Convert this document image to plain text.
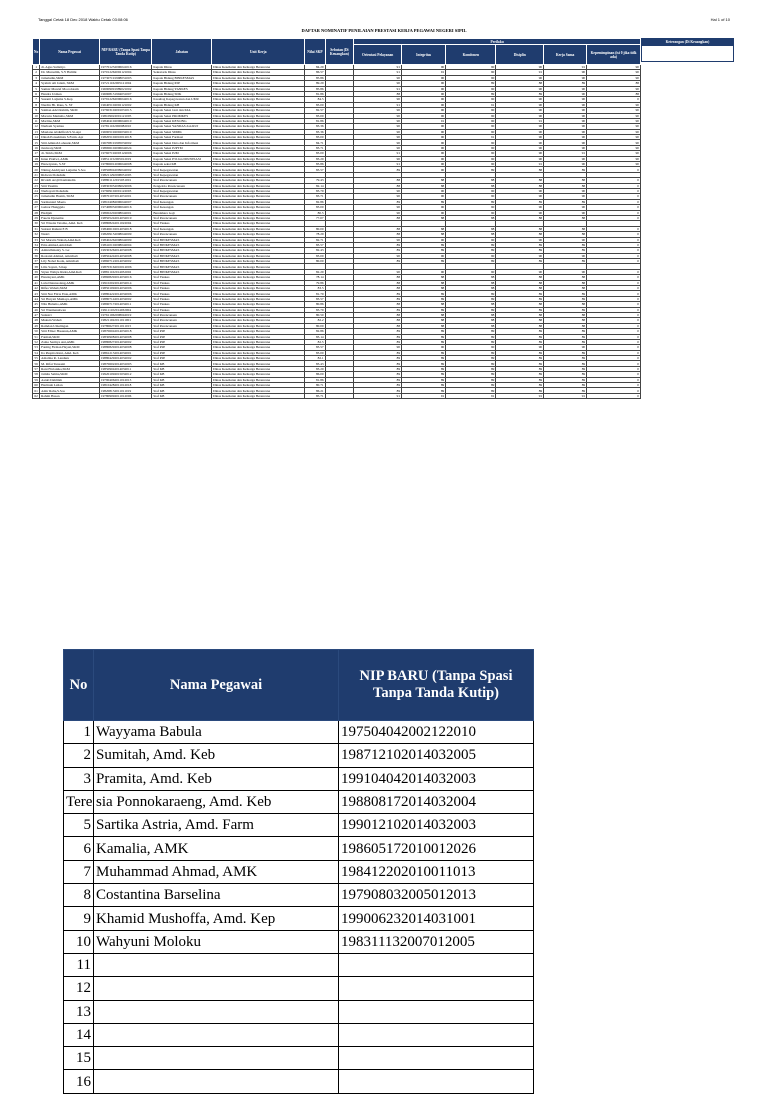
Tanggal Cetak 18 Dec 2018 Waktu Cetak 03:08:06	Hal 1 of 10
DAFTAR NOMINATIF PENILAIAN PRESTASI KERJA PEGAWAI NEGERI SIPIL
No	Nama Pegawai	NIP BARU (Tanpa Spasi Tanpa Tanda Kutip)	Jabatan	Unit Kerja	Nilai SKP	Sebutan (Di Keuangkan)	Perilaku					
							Orientasi Pelayanan	Integritas	Komitmen	Disiplin	Kerja Sama	Kepemimpinan (isi 0 jika tidk ada)
1	dr. Agus Sulistiyo	197701232006041016	Kepala Dinas	Dinas Kesehatan dan Keluarga Berencana	84.29		91	90	90	90	91	90
2	Dr. Mursalim, S.Y Halimi	197012262002121004	Sekretaris Dinas	Dinas Kesehatan dan Keluarga Berencana	86.57		91	91	90	91	90	90
3	Jamaludin,SKM	197307191998031003	Kepala Bidang BINKESMAS	Dinas Kesehatan dan Keluarga Berencana	85.86		90	90	90	90	90	90
4	Syahrir Ali Jalam, SKM	197211162005121004	Kepala Bidang P2P	Dinas Kesehatan dan Keluarga Berencana	89.29		90	90	89	88	89	88
5	Samsir Marzuf Mocodotam	196909091989021002	Kepala Bidang YANKES	Dinas Kesehatan dan Keluarga Berencana	85.86		91	90	90	90	90	90
6	Hendra Usman	196908131994031007	Kepala Bidang SDK	Dinas Kesehatan dan Keluarga Berencana	81.86		88	90	89	89	90	88
7	Susanti Latjuma S.Kep	197912262006042016	Kasubag Kepegawaian dan UMU	Dinas Kesehatan dan Keluarga Berencana	84.5		90	90	90	90	90	0
8	Nurdin Hi. Raus, S. ST	196405102002121002	Kepala Bidang KB	Dinas Kesehatan dan Keluarga Berencana	83.00		91	90	91	90	90	90
9	Salman Adzi Rahim, SKM	197603102001031015	Kepala Seksi Gizi dan KIA	Dinas Kesehatan dan Keluarga Berencana	82.57		90	90	90	90	90	90
10	Marwin Mamalio,SKM	198109022001121005	Kepala Seksi PROMKES	Dinas Kesehatan dan Keluarga Berencana	83.00		90	90	90	90	90	90
11	Marlina,SKM	198404102006042010	Kepala Seksi KESLING	Dinas Kesehatan dan Keluarga Berencana	81.86		90	91	90	91	90	90
12	Nurhani Syamsu	197811162000082010	Kepala Seksi YANDAS dan RUJ	Dinas Kesehatan dan Keluarga Berencana	83.36		90	90	90	90	90	90
13	Maulana Abdulfirah S.St.Apt	196905192002032010	Kepala Seksi SDMK	Dinas Kesehatan dan Keluarga Berencana	83.36		90	90	90	90	90	90
14	Dinah Ponselmuts S.Farm. Apt	198205102010012018	Kepala Seksi Farmasi	Dinas Kesehatan dan Keluarga Berencana	83.00		90	90	91	90	90	90
15	Sitti Aminah Lahaude,SKM	196708191995032002	Kepala Seksi Data dan Informasi	Dinas Kesehatan dan Keluarga Berencana	84.71		90	90	90	90	90	90
16	Juniwaty,SKM	198006102006042024	Kepala Seksi P2PTM	Dinas Kesehatan dan Keluarga Berencana	83.71		90	90	90	90	90	90
17	dr. Sitiris,SKM	197607192003122006	Kepala Seksi P2M	Dinas Kesehatan dan Keluarga Berencana	83.00		91	90	90	90	91	90
18	Intan Pratiwi, AMK	198511152005012019	Kepala Seksi P3I dan IMUNISASI	Dinas Kesehatan dan Keluarga Berencana	83.29		90	90	90	90	90	90
19	Haswiyanto, S.ST	197806012006042008	Kepala seksi KB	Dinas Kesehatan dan Keluarga Berencana	83.86		91	90	90	91	90	90
20	Nining Andriyani Latjuma S.Sos	198508042009042002	Staf Kepegawaian	Dinas Kesehatan dan Keluarga Berencana	83.57		89	90	89	88	89	0
21	Ridwan Doludulu	198211292008031005	Staf Kepegawaian	Dinas Kesehatan dan Keluarga Berencana								
22	Rivaldi Arsjil Kamaludin	198801112015031001	Staf Perencanaan	Dinas Kesehatan dan Keluarga Berencana	79.43		88	88	88	88	88	0
23	Sitti Yasmin	198303052009022006	Pengelola Perencanaan	Dinas Kesehatan dan Keluarga Berencana	82.14		88	88	88	88	88	0
24	Nurhayati Doludulu	197609102001122003	Staf Kepegawaian	Dinas Kesehatan dan Keluarga Berencana	83.79		90	90	90	90	90	0
25	Jamaludin Hasim, SKM	198701072014031001	Staf Perencanaan	Dinas Kesehatan dan Keluarga Berencana	83.71		90	90	90	90	90	0
26	Sarmuntari Maeta	198104082006042007	Staf Keuangan	Dinas Kesehatan dan Keluarga Berencana	82.86		89	89	89	89	89	0
27	Gulnar Hunggulo	197408032006042016	Staf Keuangan	Dinas Kesehatan dan Keluarga Berencana	83.00		90	90	90	90	90	0
28	Hadijah	198002202008042001	Bendahara Gaji	Dinas Kesehatan dan Keluarga Berencana	80.5		90	90	90	90	90	0
29	Fauzia Djanamu	198505242014032019	Staf Perencanaan	Dinas Kesehatan dan Keluarga Berencana	77.07		88	88	88	88	88	0
30	Sri Wiastia Tatama, Amd. Keb	198808242011022004	Staf Yankes	Dinas Kesehatan dan Keluarga Berencana								
31	Sutrani Rahuni E B	198406102014032018	Staf Keuangan	Dinas Kesehatan dan Keluarga Berencana	80.00		88	88	88	88	88	0
32	Nestri	198209152008042009	Staf Perencanaan	Dinas Kesehatan dan Keluarga Berencana	78.29		88	88	88	88	88	0
33	Sri Marsita Wahab,Amd.Keb	198402262008042009	Staf BINKESMAS	Dinas Kesehatan dan Keluarga Berencana	82.71		90	90	90	90	90	0
34	Ema Ahmad,Amd.Keb	198410102008042004	Staf BINKESMAS	Dinas Kesehatan dan Keluarga Berencana	83.57		89	89	89	89	89	0
35	Amirulhinanty S. Gz	199303262014032008	Staf BINKESMAS	Dinas Kesehatan dan Keluarga Berencana	82.43		89	89	89	89	89	0
36	Rostanti Ahmad, Amd.Keb	198504242014032008	Staf BINKESMAS	Dinas Kesehatan dan Keluarga Berencana	83.00		90	90	90	90	90	0
37	Lily Nobel Koda, Amd.Keb	198607122014032002	Staf BINKESMAS	Dinas Kesehatan dan Keluarga Berencana	80.00		89	89	89	89	89	0
38	Lilis Sayuti, S.Kep	198703162010012006	Staf BINKESMAS	Dinas Kesehatan dan Keluarga Berencana								
39	Siyun Wahyu Rizki,Amd.Keb	198811162014032002	Staf BINKESMAS	Dinas Kesehatan dan Keluarga Berencana	82.29		90	90	90	90	90	0
40	Handayani,AMK	198608292014032016	Staf Yankes	Dinas Kesehatan dan Keluarga Berencana	78.14		88	88	88	88	88	0
41	Lulu Datunsolang,AMK	199102022014032014	Staf Yankes	Dinas Kesehatan dan Keluarga Berencana	79.86		88	88	88	88	88	0
42	Rifka Wahab,SKM	198501092014032006	Staf Yankes	Dinas Kesehatan dan Keluarga Berencana	83.5		88	88	88	88	88	0
43	Sitti Nur Fitria Ente,AMK	198804222014032006	Staf Yankes	Dinas Kesehatan dan Keluarga Berencana	81.79		89	89	89	89	89	0
44	Sri Haryati Mumaya,AMK	198807142014032002	Staf Yankes	Dinas Kesehatan dan Keluarga Berencana	83.57		89	89	89	89	89	0
45	Nila Hulamo,AMK	198907172014032011	Staf Yankes	Dinas Kesehatan dan Keluarga Berencana	80.86		88	88	88	88	88	0
46	Sri Wanmanalwan	199111102014032004	Staf Yankes	Dinas Kesehatan dan Keluarga Berencana	83.79		89	89	89	89	89	0
47	Sulastri	197611062008042019	Staf Perencanaan	Dinas Kesehatan dan Keluarga Berencana	80.50		88	88	88	88	88	0
48	Muksin Wahab	198211022011011001	Staf Perencanaan	Dinas Kesehatan dan Keluarga Berencana	82.2		88	88	88	88	88	0
49	Ramdan Umalingan	197806272011011015	Staf Perencanaan	Dinas Kesehatan dan Keluarga Berencana	80.00		88	88	88	88	88	0
50	Sitti Ellzer Hasanun,AMK	198706042014032018	Staf P2P	Dinas Kesehatan dan Keluarga Berencana	82.86		89	89	89	89	89	0
51	Fatmah,SKM	198309082014032008	Staf P2P	Dinas Kesehatan dan Keluarga Berencana	83.14		89	89	89	89	89	0
52	Zaina Sarmya Ani,AMK	198808272014032002	Staf P2P	Dinas Kesehatan dan Keluarga Berencana	82.5		89	89	89	89	89	0
53	Fatmig Firman Hayati,SKM	198808292014032008	Staf P2P	Dinas Kesehatan dan Keluarga Berencana	83.57		90	90	90	90	90	0
54	Ita Puspita Rani, Amd. Keb	198612132014032001	Staf P2P	Dinas Kesehatan dan Keluarga Berencana	83.00		89	89	89	89	89	0
55	Amalina R. Landuru	198804292014032002	Staf P2P	Dinas Kesehatan dan Keluarga Berencana	82.1		89	89	89	89	89	0
56	M. Rifai Tunsanti	198706022014031003	Staf KB	Dinas Kesehatan dan Keluarga Berencana	83.43		89	89	89	89	89	0
57	Rani Fitrianika,SKM	198509042014032011	Staf KB	Dinas Kesehatan dan Keluarga Berencana	83.29		89	89	89	89	89	0
58	Jamila Salma,SKM	199201092015032012	Staf KB	Dinas Kesehatan dan Keluarga Berencana	86.00		89	89	89	89	89	0
59	Astuti Dahlilah	197904062011012013	Staf KB	Dinas Kesehatan dan Keluarga Berencana	81.86		89	89	89	89	89	0
60	Hartinah Lalian	198104282011012018	Staf KB	Dinas Kesehatan dan Keluarga Berencana	80.71		89	89	89	89	89	0
61	Amir Rabu,S.Sos	198208132011011019	Staf KB	Dinas Kesehatan dan Keluarga Berencana	86.21		89	89	89	89	89	0
62	Rahmi Hasan	197809092011012006	Staf KB	Dinas Kesehatan dan Keluarga Berencana	85.71		91	91	91	91	91	0
Keterangan (Di Keuangkan)
No	Nama Pegawai	NIP BARU (Tanpa Spasi Tanpa Tanda Kutip)
1	Wayyama Babula	197504042002122010
2	Sumitah, Amd. Keb	198712102014032005
3	Pramita, Amd. Keb	199104042014032003
Tere	sia Ponnokaraeng, Amd. Keb	198808172014032004
5	Sartika Astria, Amd. Farm	199012102014032003
6	Kamalia, AMK	198605172010012026
7	Muhammad Ahmad, AMK	198412202010011013
8	Costantina Barselina	197908032005012013
9	Khamid Mushoffa, Amd. Kep	199006232014031001
10	Wahyuni Moloku	198311132007012005
11		
12		
13		
14		
15		
16		
